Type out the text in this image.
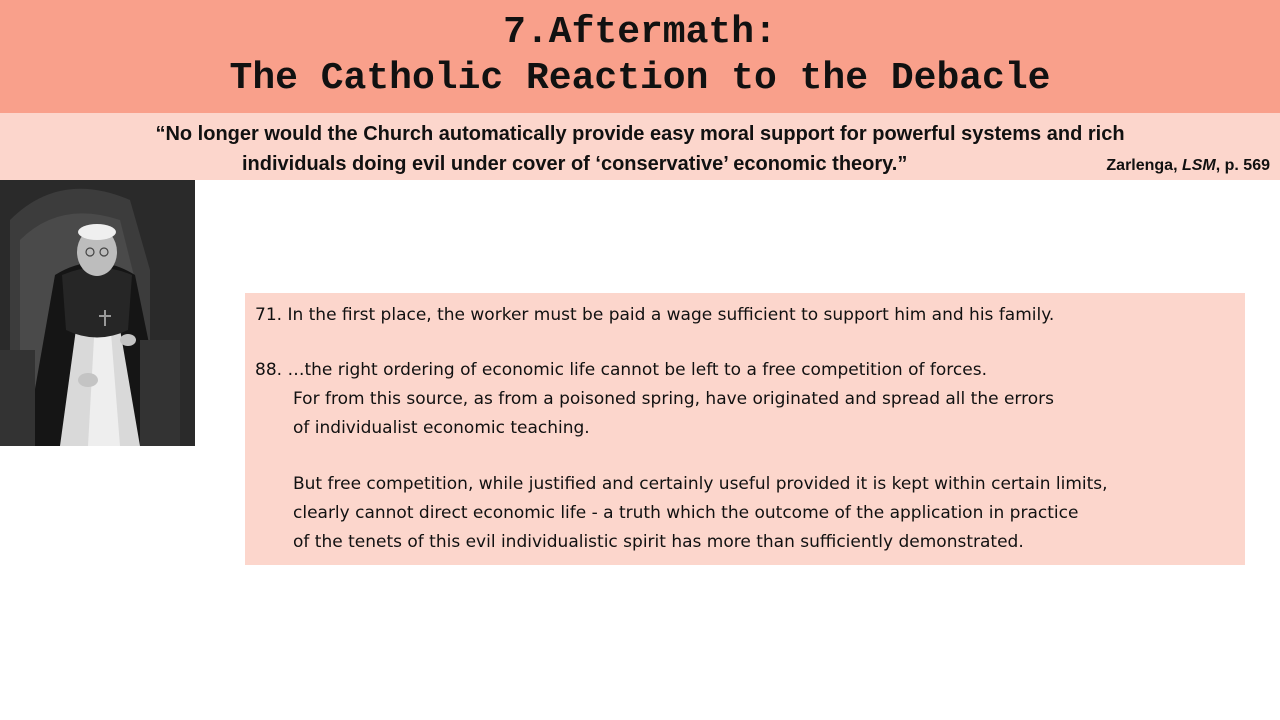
7.Aftermath:
The Catholic Reaction to the Debacle
“No longer would the Church automatically provide easy moral support for powerful systems and rich
individuals doing evil under cover of ‘conservative’ economic theory.”	Zarlenga, LSM, p. 569
71. In the first place, the worker must be paid a wage sufficient to support him and his family.
88. …the right ordering of economic life cannot be left to a free competition of forces.
For from this source, as from a poisoned spring, have originated and spread all the errors
of individualist economic teaching.
But free competition, while justified and certainly useful provided it is kept within certain limits,
clearly cannot direct economic life - a truth which the outcome of the application in practice
of the tenets of this evil individualistic spirit has more than sufficiently demonstrated.
